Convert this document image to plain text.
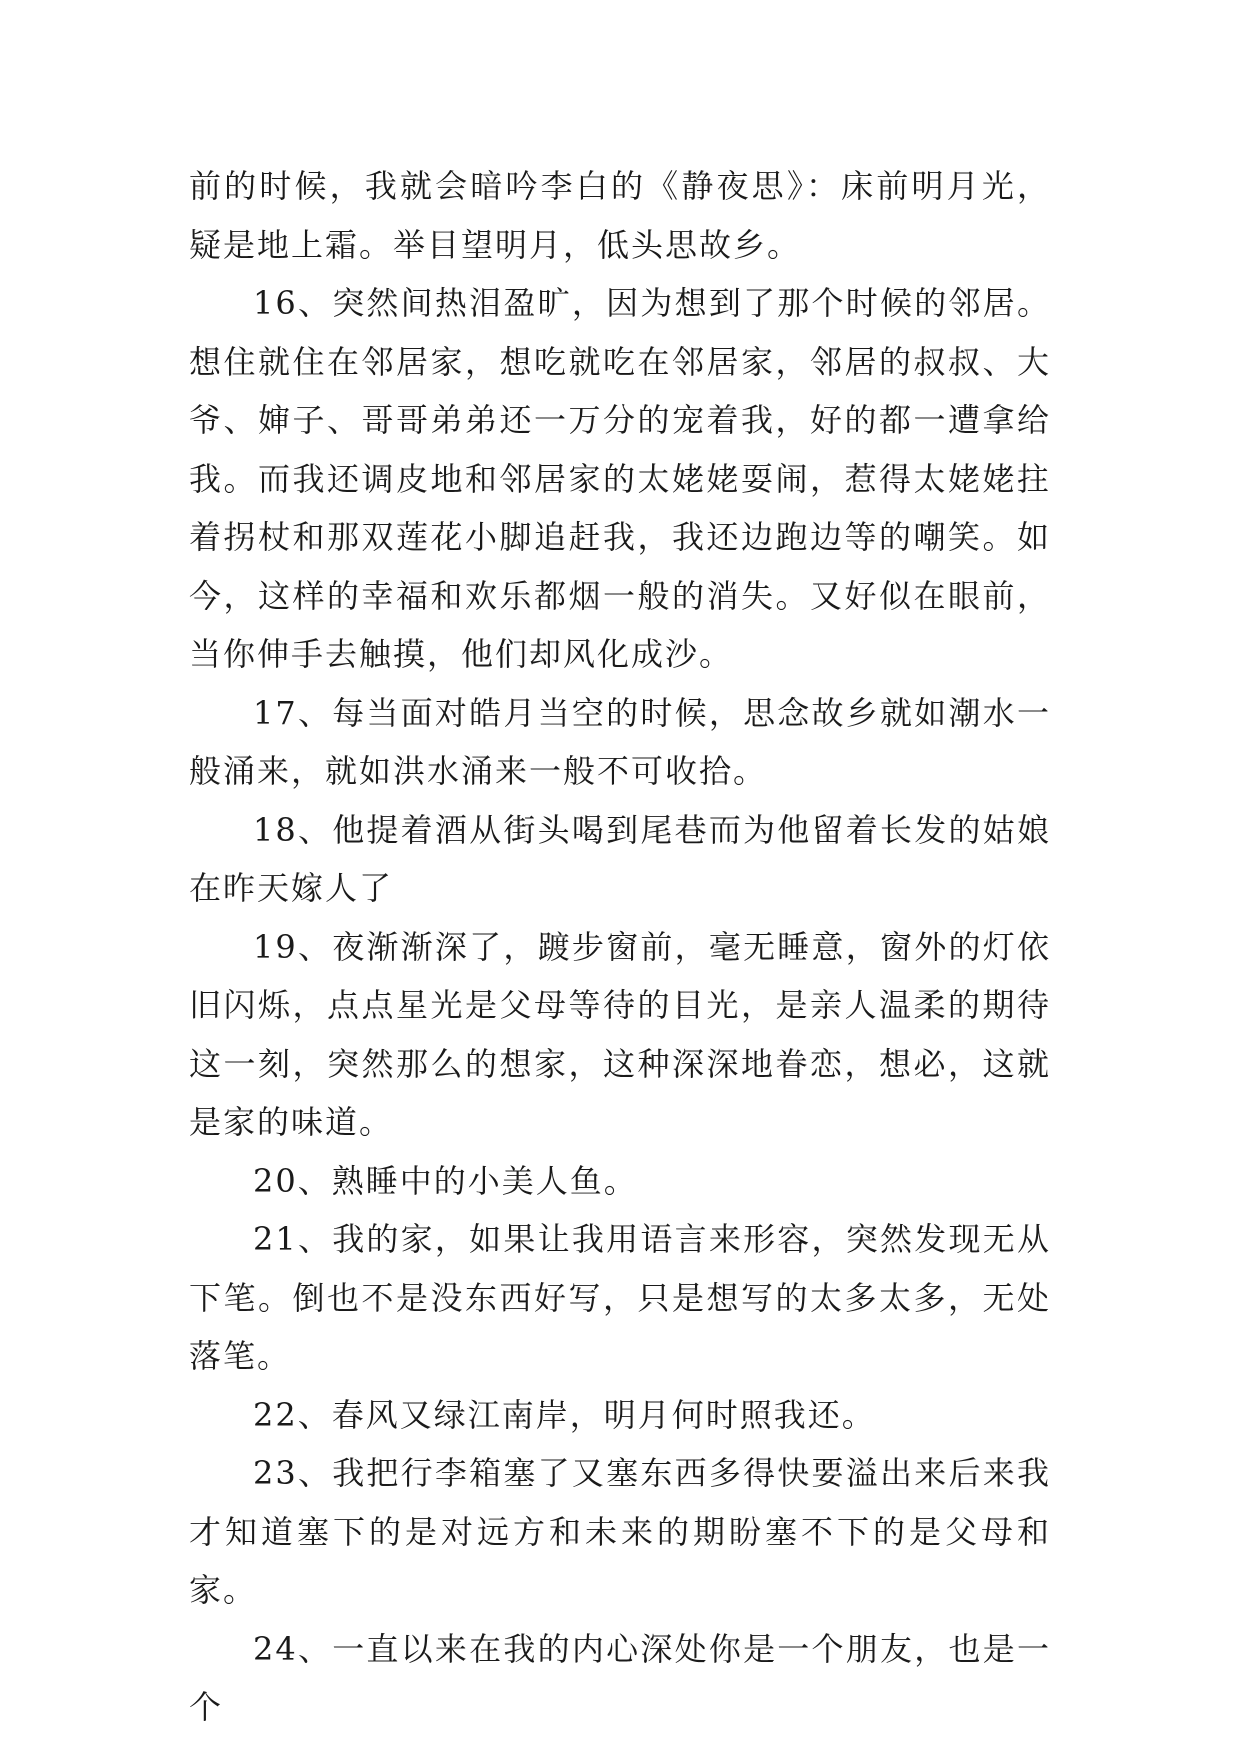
前的时候，我就会暗吟李白的《静夜思》：床前明月光，疑是地上霜。举目望明月，低头思故乡。

16、突然间热泪盈旷，因为想到了那个时候的邻居。想住就住在邻居家，想吃就吃在邻居家，邻居的叔叔、大爷、婶子、哥哥弟弟还一万分的宠着我，好的都一遭拿给我。而我还调皮地和邻居家的太姥姥耍闹，惹得太姥姥拄着拐杖和那双莲花小脚追赶我，我还边跑边等的嘲笑。如今，这样的幸福和欢乐都烟一般的消失。又好似在眼前，当你伸手去触摸，他们却风化成沙。

17、每当面对皓月当空的时候，思念故乡就如潮水一般涌来，就如洪水涌来一般不可收拾。

18、他提着酒从街头喝到尾巷而为他留着长发的姑娘在昨天嫁人了

19、夜渐渐深了，踱步窗前，毫无睡意，窗外的灯依旧闪烁，点点星光是父母等待的目光，是亲人温柔的期待这一刻，突然那么的想家，这种深深地眷恋，想必，这就是家的味道。

20、熟睡中的小美人鱼。

21、我的家，如果让我用语言来形容，突然发现无从下笔。倒也不是没东西好写，只是想写的太多太多，无处落笔。

22、春风又绿江南岸，明月何时照我还。

23、我把行李箱塞了又塞东西多得快要溢出来后来我才知道塞下的是对远方和未来的期盼塞不下的是父母和家。

24、一直以来在我的内心深处你是一个朋友，也是一个
